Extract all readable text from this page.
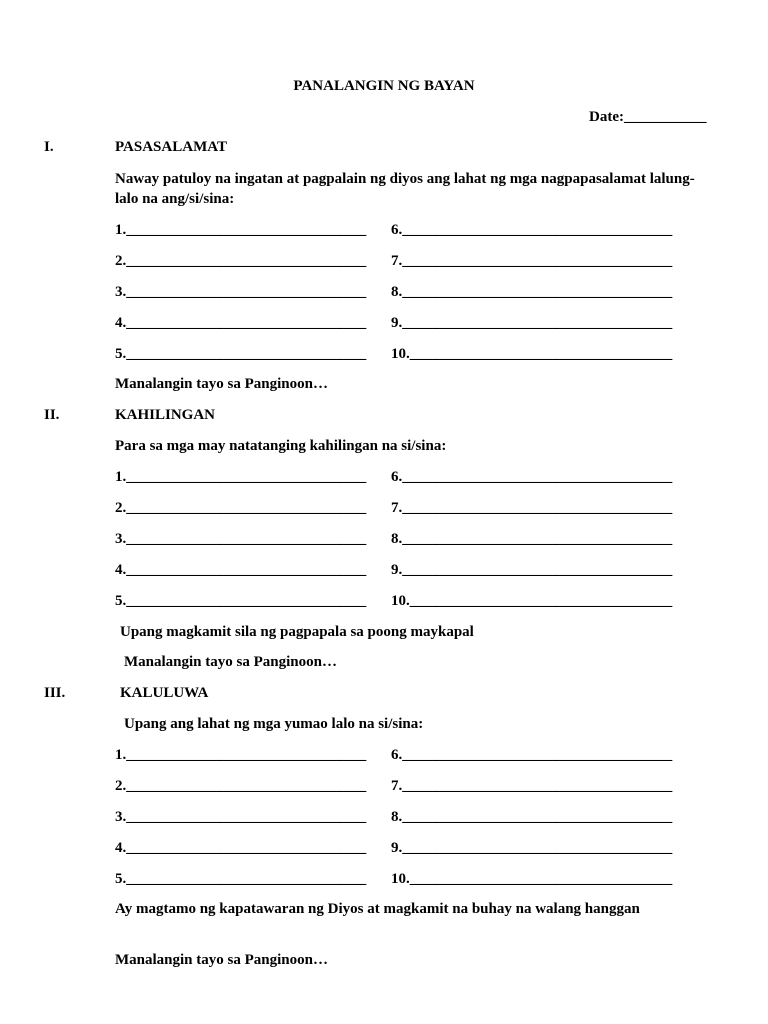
PANALANGIN NG BAYAN
Date:___________
I.	PASASALAMAT
Naway patuloy na ingatan at pagpalain ng diyos ang lahat ng mga nagpapasalamat lalung-lalo na ang/si/sina:
1.________________________________ 6.____________________________________
2.________________________________ 7.____________________________________
3.________________________________ 8.____________________________________
4.________________________________ 9.____________________________________
5.________________________________ 10.___________________________________
Manalangin tayo sa Panginoon…
II.	KAHILINGAN
Para sa mga may natatanging kahilingan na si/sina:
1.________________________________ 6.____________________________________
2.________________________________ 7.____________________________________
3.________________________________ 8.____________________________________
4.________________________________ 9.____________________________________
5.________________________________ 10.___________________________________
Upang magkamit sila ng pagpapala sa poong maykapal
Manalangin tayo sa Panginoon…
III.	KALULUWA
Upang ang lahat ng mga yumao lalo na si/sina:
1.________________________________ 6.____________________________________
2.________________________________ 7.____________________________________
3.________________________________ 8.____________________________________
4.________________________________ 9.____________________________________
5.________________________________ 10.___________________________________
Ay magtamo ng kapatawaran ng Diyos at magkamit na buhay na walang hanggan
Manalangin tayo sa Panginoon…
